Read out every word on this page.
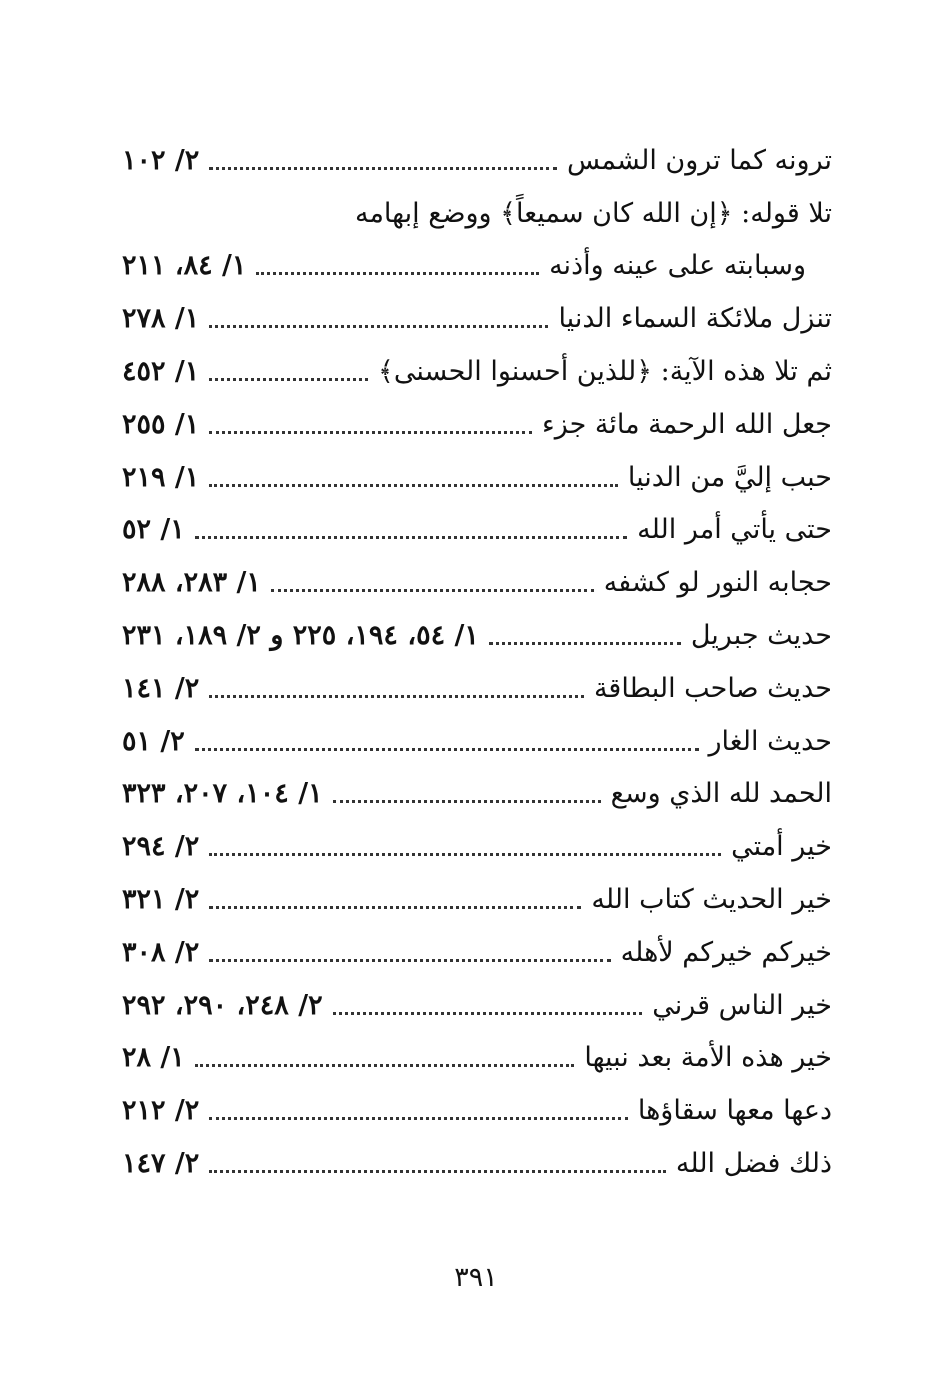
ترونه كما ترون الشمس
٢/ ١٠٢
تلا قوله: ﴿إن الله كان سميعاً﴾ ووضع إبهامه
وسبابته على عينه وأذنه
١/ ٨٤، ٢١١
تنزل ملائكة السماء الدنيا
١/ ٢٧٨
ثم تلا هذه الآية: ﴿للذين أحسنوا الحسنى﴾
١/ ٤٥٢
جعل الله الرحمة مائة جزء
١/ ٢٥٥
حبب إليَّ من الدنيا
١/ ٢١٩
حتى يأتي أمر الله
١/ ٥٢
حجابه النور لو كشفه
١/ ٢٨٣، ٢٨٨
حديث جبريل
١/ ٥٤، ١٩٤، ٢٢٥ و ٢/ ١٨٩، ٢٣١
حديث صاحب البطاقة
٢/ ١٤١
حديث الغار
٢/ ٥١
الحمد لله الذي وسع
١/ ١٠٤، ٢٠٧، ٣٢٣
خير أمتي
٢/ ٢٩٤
خير الحديث كتاب الله
٢/ ٣٢١
خيركم خيركم لأهله
٢/ ٣٠٨
خير الناس قرني
٢/ ٢٤٨، ٢٩٠، ٢٩٢
خير هذه الأمة بعد نبيها
١/ ٢٨
دعها معها سقاؤها
٢/ ٢١٢
ذلك فضل الله
٢/ ١٤٧
٣٩١
